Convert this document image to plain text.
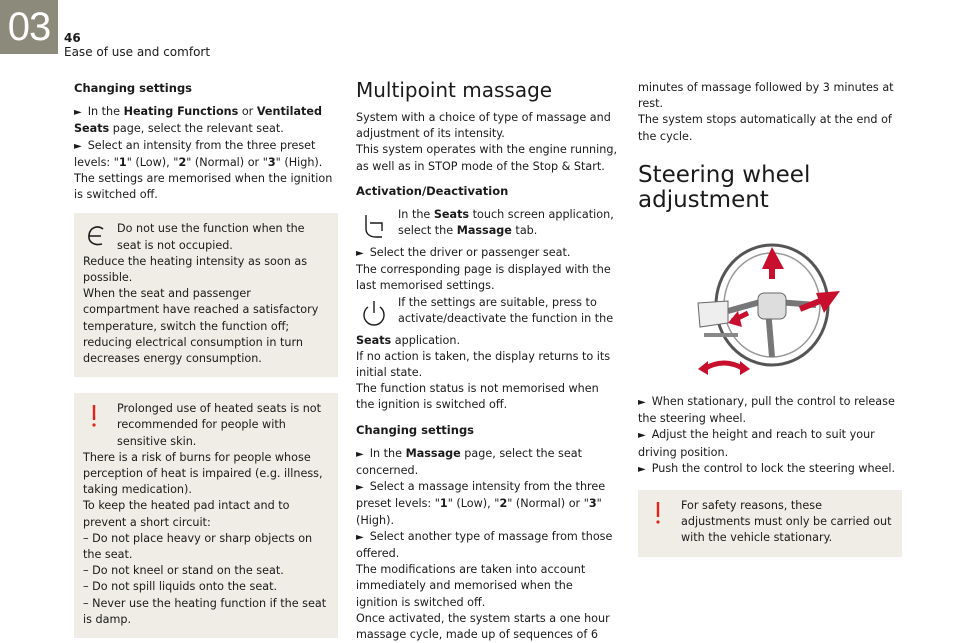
03	46
Ease of use and comfort

Changing settings

► In the Heating Functions or Ventilated Seats page, select the relevant seat.

► Select an intensity from the three preset levels: "1" (Low), "2" (Normal) or "3" (High).

The settings are memorised when the ignition is switched off.

Do not use the function when the seat is not occupied.

Reduce the heating intensity as soon as possible.

When the seat and passenger compartment have reached a satisfactory temperature, switch the function off; reducing electrical consumption in turn decreases energy consumption.

Prolonged use of heated seats is not recommended for people with sensitive skin.

There is a risk of burns for people whose perception of heat is impaired (e.g. illness, taking medication).

To keep the heated pad intact and to prevent a short circuit:

– Do not place heavy or sharp objects on the seat.

– Do not kneel or stand on the seat.

– Do not spill liquids onto the seat.

– Never use the heating function if the seat is damp.

Multipoint massage

System with a choice of type of massage and adjustment of its intensity.

This system operates with the engine running, as well as in STOP mode of the Stop & Start.

Activation/Deactivation

In the Seats touch screen application, select the Massage tab.

► Select the driver or passenger seat.

The corresponding page is displayed with the last memorised settings.

If the settings are suitable, press to activate/deactivate the function in the

Seats application.

If no action is taken, the display returns to its initial state.

The function status is not memorised when the ignition is switched off.

Changing settings

► In the Massage page, select the seat concerned.

► Select a massage intensity from the three preset levels: "1" (Low), "2" (Normal) or "3" (High).

► Select another type of massage from those offered.

The modifications are taken into account immediately and memorised when the ignition is switched off.

Once activated, the system starts a one hour massage cycle, made up of sequences of 6

minutes of massage followed by 3 minutes at rest.

The system stops automatically at the end of the cycle.

Steering wheel adjustment

► When stationary, pull the control to release the steering wheel.

► Adjust the height and reach to suit your driving position.

► Push the control to lock the steering wheel.

For safety reasons, these adjustments must only be carried out with the vehicle stationary.
